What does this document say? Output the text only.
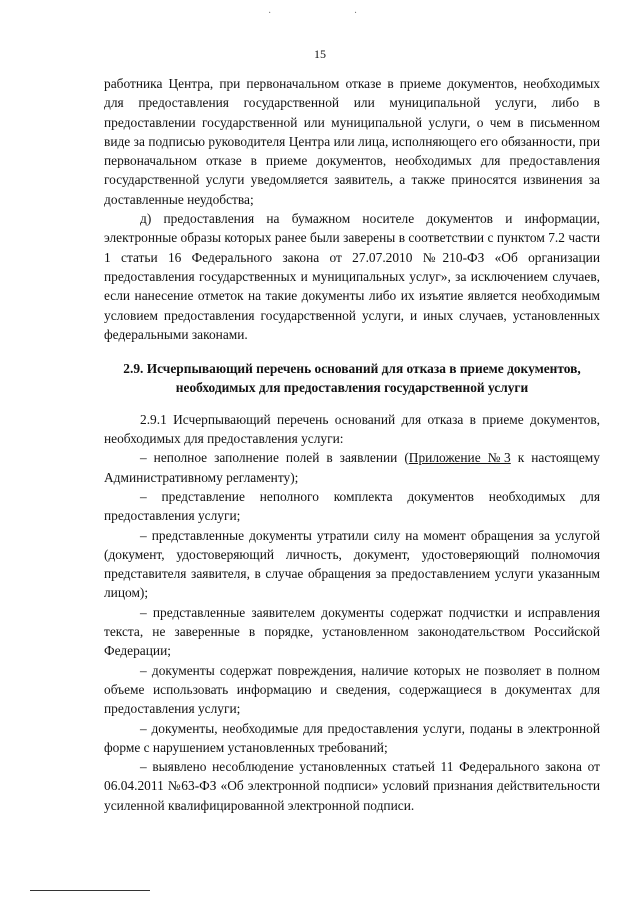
· ·
15

работника Центра, при первоначальном отказе в приеме документов, необходимых для предоставления государственной или муниципальной услуги, либо в предоставлении государственной или муниципальной услуги, о чем в письменном виде за подписью руководителя Центра или лица, исполняющего его обязанности, при первоначальном отказе в приеме документов, необходимых для предоставления государственной услуги уведомляется заявитель, а также приносятся извинения за доставленные неудобства;

д) предоставления на бумажном носителе документов и информации, электронные образы которых ранее были заверены в соответствии с пунктом 7.2 части 1 статьи 16 Федерального закона от 27.07.2010 №210-ФЗ «Об организации предоставления государственных и муниципальных услуг», за исключением случаев, если нанесение отметок на такие документы либо их изъятие является необходимым условием предоставления государственной услуги, и иных случаев, установленных федеральными законами.

2.9. Исчерпывающий перечень оснований для отказа в приеме документов, необходимых для предоставления государственной услуги

2.9.1 Исчерпывающий перечень оснований для отказа в приеме документов, необходимых для предоставления услуги:

– неполное заполнение полей в заявлении (Приложение №3 к настоящему Административному регламенту);

– представление неполного комплекта документов необходимых для предоставления услуги;

– представленные документы утратили силу на момент обращения за услугой (документ, удостоверяющий личность, документ, удостоверяющий полномочия представителя заявителя, в случае обращения за предоставлением услуги указанным лицом);

– представленные заявителем документы содержат подчистки и исправления текста, не заверенные в порядке, установленном законодательством Российской Федерации;

– документы содержат повреждения, наличие которых не позволяет в полном объеме использовать информацию и сведения, содержащиеся в документах для предоставления услуги;

– документы, необходимые для предоставления услуги, поданы в электронной форме с нарушением установленных требований;

– выявлено несоблюдение установленных статьей 11 Федерального закона от 06.04.2011 №63-ФЗ «Об электронной подписи» условий признания действительности усиленной квалифицированной электронной подписи.
